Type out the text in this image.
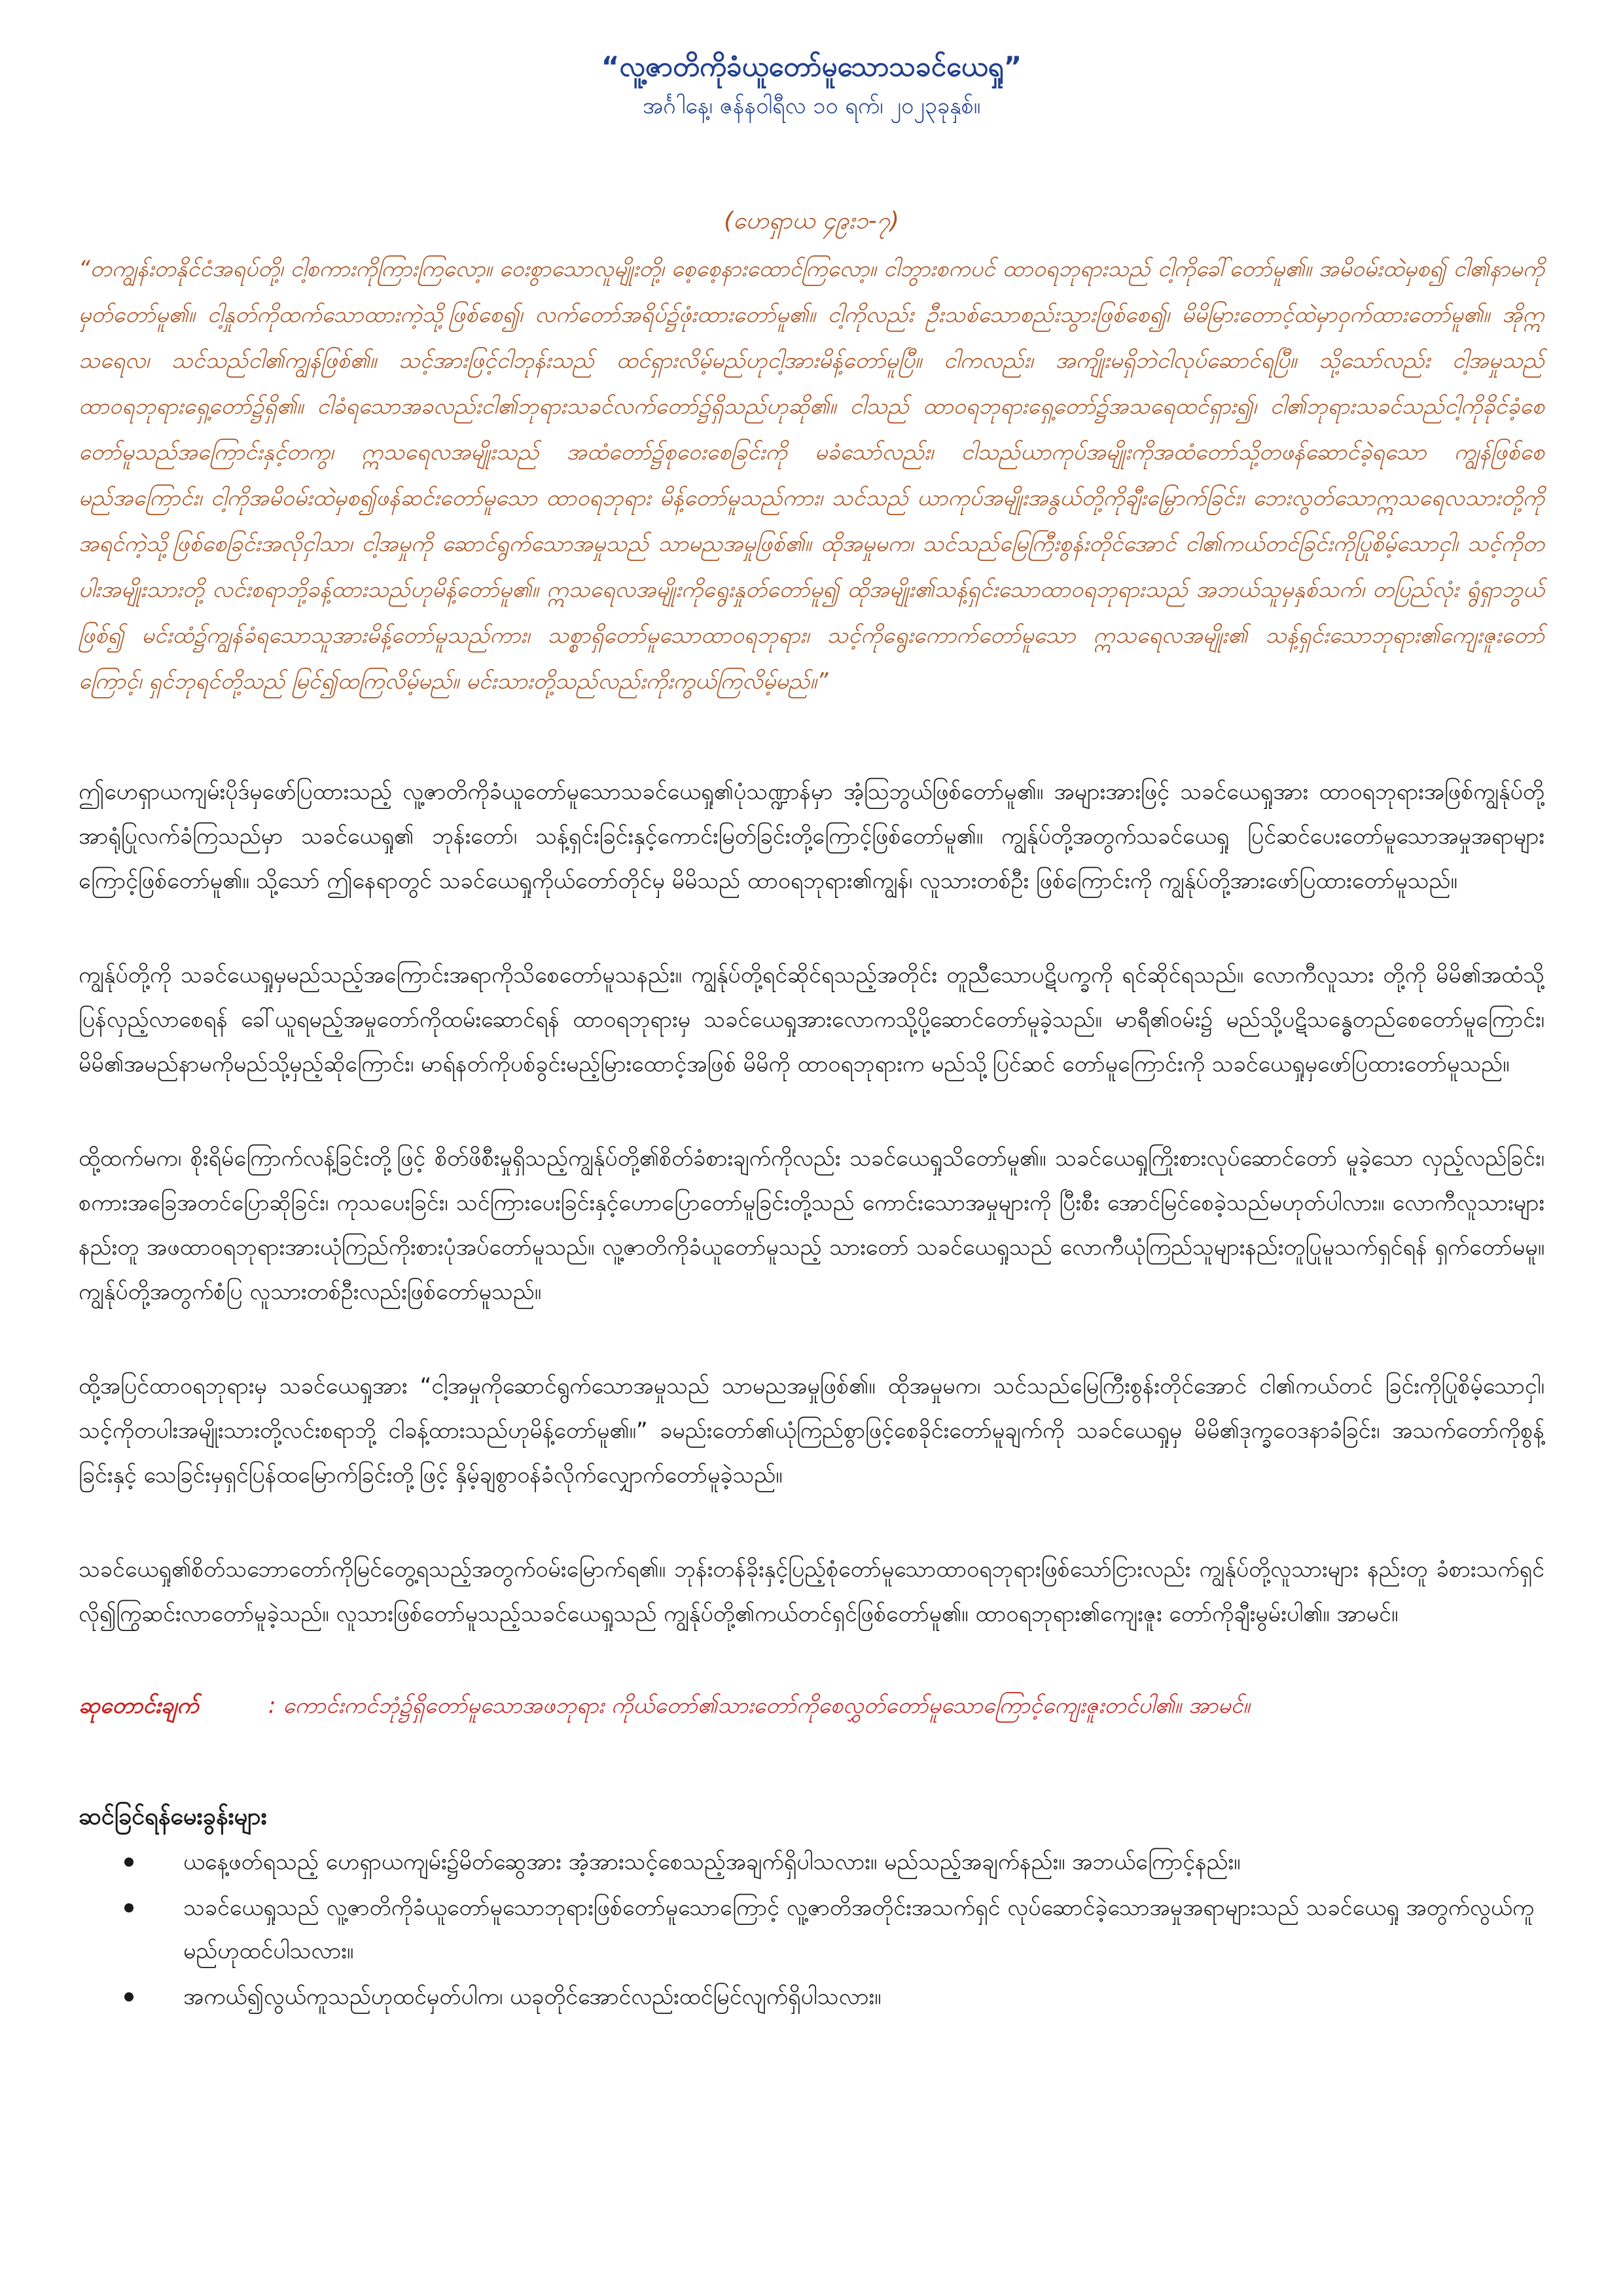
“လူ့ဇာတိကိုခံယူတော်မူသောသခင်ယေရှု”

အင်္ဂါနေ့၊ ဇန်နဝါရီလ ၁၀ ရက်၊ ၂၀၂၃ခုနှစ်။

(ဟေရှာယ ၄၉း၁-၇)

“တကျွန်းတနိုင်ငံအရပ်တို့၊ ငါ့စကားကိုကြားကြလော့။ ဝေးစွာသောလူမျိုးတို့၊ စေ့စေ့နားထောင်ကြလော့။ ငါဘွားစကပင် ထာဝရဘုရားသည် ငါ့ကိုခေါ်တော်မူ၏။ အမိဝမ်းထဲမှစ၍ ငါ၏နာမကိုမှတ်တော်မူ၏။ ငါ့နှုတ်ကိုထက်သောထားကဲ့သို့ဖြစ်စေ၍၊ လက်တော်အရိပ်၌ဖုံးထားတော်မူ၏။ ငါ့ကိုလည်း ဦးသစ်သောစည်းသွားဖြစ်စေ၍၊ မိမိမြားတောင့်ထဲမှာဝှက်ထားတော်မူ၏။ အိုဣသရေလ၊ သင်သည်ငါ၏ကျွန်ဖြစ်၏။ သင့်အားဖြင့်ငါဘုန်းသည် ထင်ရှားလိမ့်မည်ဟုငါ့အားမိန့်တော်မူပြီ။ ငါကလည်း၊ အကျိုးမရှိဘဲငါလုပ်ဆောင်ရပြီ။ သို့သော်လည်း ငါ့အမှုသည် ထာဝရဘုရားရှေ့တော်၌ရှိ၏။ ငါခံရသောအခလည်းငါ၏ဘုရားသခင်လက်တော်၌ရှိသည်ဟုဆို၏။ ငါသည် ထာဝရဘုရားရှေ့တော်၌အသရေထင်ရှား၍၊ ငါ၏ဘုရားသခင်သည်ငါ့ကိုခိုင်ခံ့စေတော်မူသည်အကြောင်းနှင့်တကွ၊ ဣသရေလအမျိုးသည် အထံတော်၌စုဝေးစေခြင်းကို မခံသော်လည်း၊ ငါသည်ယာကုပ်အမျိုးကိုအထံတော်သို့တဖန်ဆောင်ခဲ့ရသော ကျွန်ဖြစ်စေမည်အကြောင်း၊ ငါ့ကိုအမိဝမ်းထဲမှစ၍ဖန်ဆင်းတော်မူသော ထာဝရဘုရား မိန့်တော်မူသည်ကား၊ သင်သည် ယာကုပ်အမျိုးအနွယ်တို့ကိုချီးမြှောက်ခြင်း၊ ဘေးလွတ်သောဣသရေလသားတို့ကို အရင်ကဲ့သို့ဖြစ်စေခြင်းအလိုငှါသာ၊ ငါ့အမှုကို ဆောင်ရွက်သောအမှုသည် သာမညအမှုဖြစ်၏။ ထိုအမှုမက၊ သင်သည်မြေကြီးစွန်းတိုင်အောင် ငါ၏ကယ်တင်ခြင်းကိုပြုစိမ့်သောငှါ၊ သင့်ကိုတပါးအမျိုးသားတို့ လင်းစရာဘို့ခန့်ထားသည်ဟုမိန့်တော်မူ၏။ ဣသရေလအမျိုးကိုရွေးနှုတ်တော်မူ၍ ထိုအမျိုး၏သန့်ရှင်းသောထာဝရဘုရားသည် အဘယ်သူမှနှစ်သက်၊ တပြည်လုံး ရွံရှာဘွယ်ဖြစ်၍ မင်းထံ၌ကျွန်ခံရသောသူအားမိန့်တော်မူသည်ကား၊ သစ္စာရှိတော်မူသောထာဝရဘုရား၊ သင့်ကိုရွေးကောက်တော်မူသော ဣသရေလအမျိုး၏ သန့်ရှင်းသောဘုရား၏ကျေးဇူးတော်ကြောင့်၊ ရှင်ဘုရင်တို့သည် မြင်၍ထကြလိမ့်မည်။ မင်းသားတို့သည်လည်းကိုးကွယ်ကြလိမ့်မည်။”

ဤဟေရှာယကျမ်းပိုဒ်မှဖော်ပြထားသည့် လူ့ဇာတိကိုခံယူတော်မူသောသခင်ယေရှု၏ပုံသဏ္ဍာန်မှာ အံ့သြဘွယ်ဖြစ်တော်မူ၏။ အများအားဖြင့် သခင်ယေရှုအား ထာဝရဘုရားအဖြစ်ကျွန်ုပ်တို့အာရုံပြုလက်ခံကြသည်မှာ သခင်ယေရှု၏ ဘုန်းတော်၊ သန့်ရှင်းခြင်းနှင့်ကောင်းမြတ်ခြင်းတို့ကြောင့်ဖြစ်တော်မူ၏။ ကျွန်ုပ်တို့အတွက်သခင်ယေရှု ပြင်ဆင်ပေးတော်မူသောအမှုအရာများကြောင့်ဖြစ်တော်မူ၏။ သို့သော် ဤနေရာတွင် သခင်ယေရှုကိုယ်တော်တိုင်မှ မိမိသည် ထာဝရဘုရား၏ကျွန်၊ လူသားတစ်ဦး ဖြစ်ကြောင်းကို ကျွန်ုပ်တို့အားဖော်ပြထားတော်မူသည်။

ကျွန်ုပ်တို့ကို သခင်ယေရှုမှမည်သည့်အကြောင်းအရာကိုသိစေတော်မူသနည်း။ ကျွန်ုပ်တို့ရင်ဆိုင်ရသည့်အတိုင်း တူညီသောပဋိပက္ခကို ရင်ဆိုင်ရသည်။ လောကီလူသား တို့ကို မိမိ၏အထံသို့ပြန်လှည့်လာစေရန် ခေါ်ယူရမည့်အမှုတော်ကိုထမ်းဆောင်ရန် ထာဝရဘုရားမှ သခင်ယေရှုအားလောကသို့ပို့ဆောင်တော်မူခဲ့သည်။ မာရီ၏ဝမ်း၌ မည်သို့ပဋိသန္ဓေတည်စေတော်မူကြောင်း၊ မိမိ၏အမည်နာမကိုမည်သို့မှည့်ဆိုကြောင်း၊ မာရ်နတ်ကိုပစ်ခွင်းမည့်မြားထောင့်အဖြစ် မိမိကို ထာဝရဘုရားက မည်သို့ပြင်ဆင် တော်မူကြောင်းကို သခင်ယေရှုမှဖော်ပြထားတော်မူသည်။

ထို့ထက်မက၊ စိုးရိမ်ကြောက်လန့်ခြင်းတို့ဖြင့် စိတ်ဖိစီးမှုရှိသည့်ကျွန်ုပ်တို့၏စိတ်ခံစားချက်ကိုလည်း သခင်ယေရှုသိတော်မူ၏။ သခင်ယေရှုကြိုးစားလုပ်ဆောင်တော် မူခဲ့သော လှည့်လည်ခြင်း၊ စကားအခြေအတင်ပြောဆိုခြင်း၊ ကုသပေးခြင်း၊ သင်ကြားပေးခြင်းနှင့်ဟောပြောတော်မူခြင်းတို့သည် ကောင်းသောအမှုများကို ပြီးစီး အောင်မြင်စေခဲ့သည်မဟုတ်ပါလား။ လောကီလူသားများနည်းတူ အဖထာဝရဘုရားအားယုံကြည်ကိုးစားပုံအပ်တော်မူသည်။ လူ့ဇာတိကိုခံယူတော်မူသည့် သားတော် သခင်ယေရှုသည် လောကီယုံကြည်သူများနည်းတူပြုမူသက်ရှင်ရန် ရှက်တော်မမူ။ ကျွန်ုပ်တို့အတွက်စံပြ လူသားတစ်ဦးလည်းဖြစ်တော်မူသည်။

ထို့အပြင်ထာဝရဘုရားမှ သခင်ယေရှုအား “ငါ့အမှုကိုဆောင်ရွက်သောအမှုသည် သာမညအမှုဖြစ်၏။ ထိုအမှုမက၊ သင်သည်မြေကြီးစွန်းတိုင်အောင် ငါ၏ကယ်တင် ခြင်းကိုပြုစိမ့်သောငှါ၊ သင့်ကိုတပါးအမျိုးသားတို့လင်းစရာဘို့ ငါခန့်ထားသည်ဟုမိန့်တော်မူ၏။” ခမည်းတော်၏ယုံကြည်စွာဖြင့်စေခိုင်းတော်မူချက်ကို သခင်ယေရှုမှ မိမိ၏ဒုက္ခဝေဒနာခံခြင်း၊ အသက်တော်ကိုစွန့်ခြင်းနှင့် သေခြင်းမှရှင်ပြန်ထမြောက်ခြင်းတို့ဖြင့် နှိမ့်ချစွာဝန်ခံလိုက်လျှောက်တော်မူခဲ့သည်။

သခင်ယေရှု၏စိတ်သဘောတော်ကိုမြင်တွေ့ရသည့်အတွက်ဝမ်းမြောက်ရ၏။ ဘုန်းတန်ခိုးနှင့်ပြည့်စုံတော်မူသောထာဝရဘုရားဖြစ်သော်ငြားလည်း ကျွန်ုပ်တို့လူသားများ နည်းတူ ခံစားသက်ရှင်လို၍ကြွဆင်းလာတော်မူခဲ့သည်။ လူသားဖြစ်တော်မူသည့်သခင်ယေရှုသည် ကျွန်ုပ်တို့၏ကယ်တင်ရှင်ဖြစ်တော်မူ၏။ ထာဝရဘုရား၏ကျေးဇူး တော်ကိုချီးမွမ်းပါ၏။ အာမင်။

ဆုတောင်းချက်	: ကောင်းကင်ဘုံ၌ရှိတော်မူသောအဖဘုရား ကိုယ်တော်၏သားတော်ကိုစေလွှတ်တော်မူသောကြောင့်ကျေးဇူးတင်ပါ၏။ အာမင်။
ဆင်ခြင်ရန်မေးခွန်းများ
ယနေ့ဖတ်ရသည့် ဟေရှာယကျမ်း၌မိတ်ဆွေအား အံ့အားသင့်စေသည့်အချက်ရှိပါသလား။ မည်သည့်အချက်နည်း။ အဘယ်ကြောင့်နည်း။
သခင်ယေရှုသည် လူ့ဇာတိကိုခံယူတော်မူသောဘုရားဖြစ်တော်မူသောကြောင့် လူ့ဇာတိအတိုင်းအသက်ရှင် လုပ်ဆောင်ခဲ့သောအမှုအရာများသည် သခင်ယေရှု အတွက်လွယ်ကူမည်ဟုထင်ပါသလား။
အကယ်၍လွယ်ကူသည်ဟုထင်မှတ်ပါက၊ ယခုတိုင်အောင်လည်းထင်မြင်လျက်ရှိပါသလား။
